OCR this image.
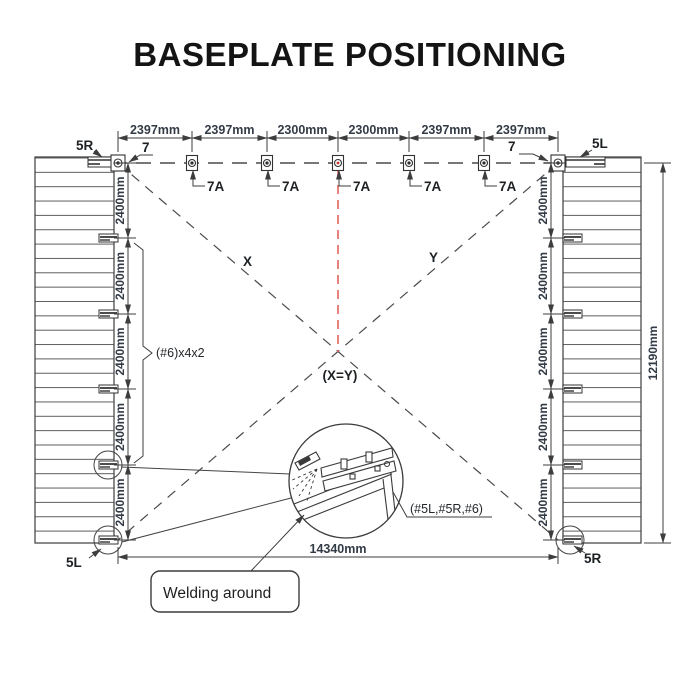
BASEPLATE POSITIONING
X	Y
(X=Y)
2397mm 2397mm 2300mm 2300mm 2397mm 2397mm
7A	7A	7A	7A	7A
7	7
5R	5L
2400mm
2400mm
2400mm
2400mm
2400mm
(#6)x4x2
2400mm
2400mm
2400mm
2400mm
2400mm
12190mm
14340mm
5L	5R
(#5L,#5R,#6)
Welding around
